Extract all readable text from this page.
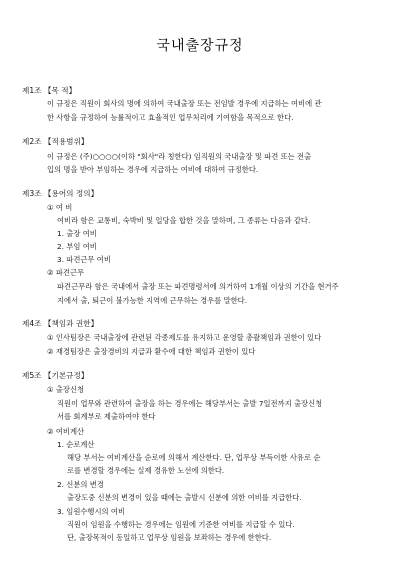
국내출장규정
제1조 【목 적】
이 규정은 직원이 회사의 명에 의하여 국내출장 또는 전임발 경우에 지급하는 여비에 관
한 사항을 규정하여 능률적이고 효율적인 업무처리에 기여함을 목적으로 한다.
제2조 【적용범위】
이 규정은 (주)○○○○(이하 "회사"라 칭한다) 임직원의 국내출장 및 파견 또는 전출
입의 명을 받아 부임하는 경우에 지급하는 여비에 대하여 규정한다.
제3조 【용어의 정의】
① 여 비
여비라 함은 교통비, 숙박비 및 일당을 합한 것을 말하며, 그 종류는 다음과 같다.
1. 출장 여비
2. 부임 여비
3. 파견근무 여비
② 파견근무
파견근무라 함은 국내에서 출장 또는 파견명령서에 의거하여 1개월 이상의 기간을 현거주
지에서 출, 퇴근이 불가능한 지역에 근무하는 경우를 말한다.
제4조 【책임과 권한】
① 인사팀장은 국내출장에 관련된 각종제도를 유지하고 운영할 총괄책임과 권한이 있다
② 재경팀장은 출장경비의 지급과 환수에 대한 책임과 권한이 있다
제5조 【기본규정】
① 출장신청
직원이 업무와 관련하여 출장을 하는 경우에는 해당부서는 출발 7일전까지 출장신청
서를 회계부로 제출하여야 한다
② 여비계산
1. 순로계산
해당 부서는 여비계산을 순로에 의해서 계산한다. 단, 업무상 부득이한 사유로 순
로를 변경할 경우에는 실제 경유한 노선에 의한다.
2. 신분의 변경
출장도중 신분의 변경이 있을 때에는 출발시 신분에 의한 여비를 지급한다.
3. 임원수행시의 여비
직원이 임원을 수행하는 경우에는 임원에 기준한 여비를 지급할 수 있다.
단, 출장목적이 동일하고 업무상 임원을 보좌하는 경우에 한한다.
